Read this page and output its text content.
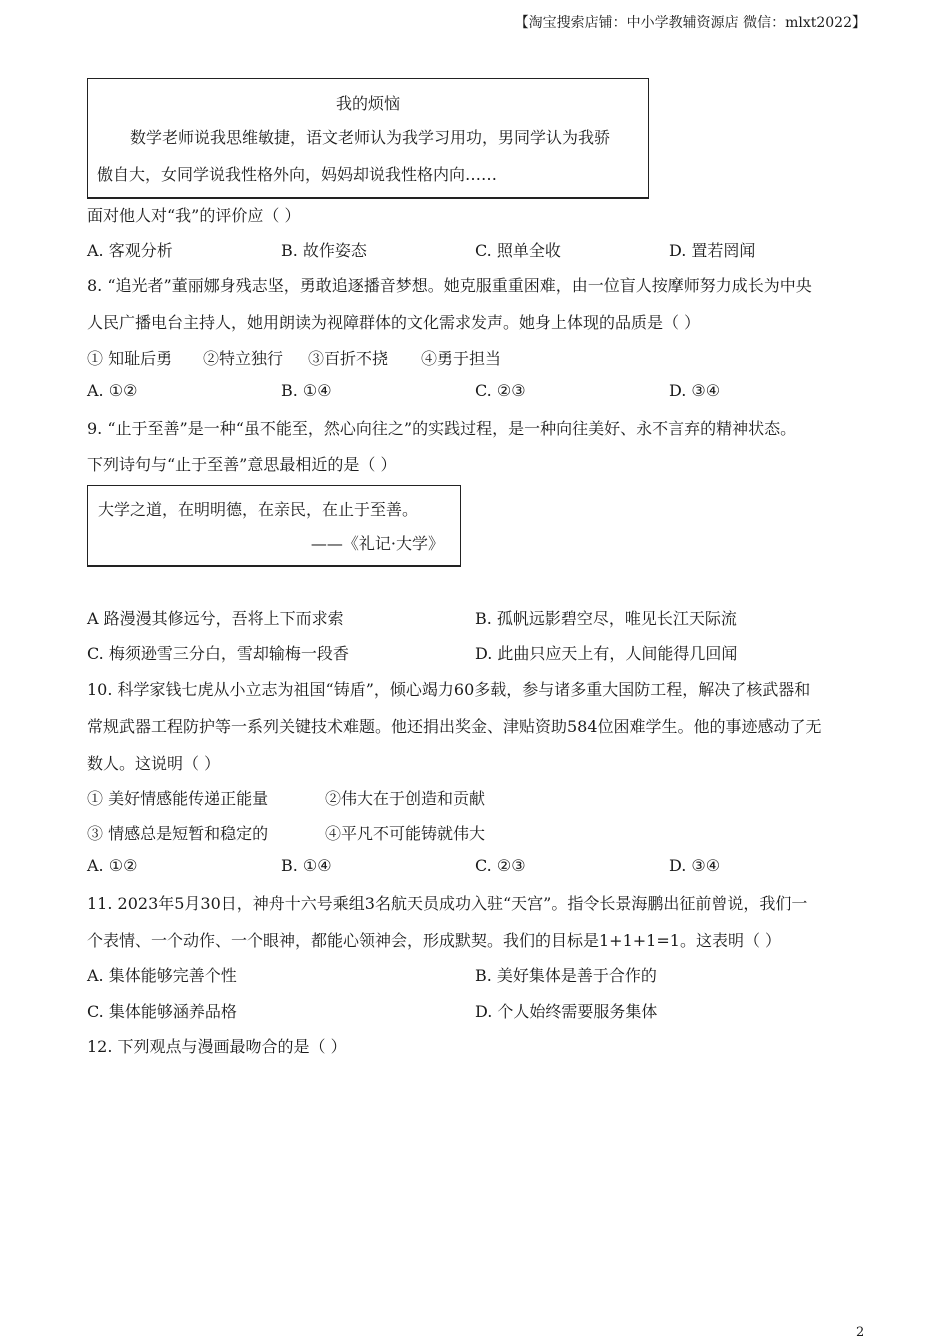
【淘宝搜索店铺：中小学教辅资源店 微信：mlxt2022】
我的烦恼
数学老师说我思维敏捷，语文老师认为我学习用功，男同学认为我骄
傲自大，女同学说我性格外向，妈妈却说我性格内向……
面对他人对“我”的评价应（ ）
A. 客观分析	B. 故作姿态	C. 照单全收	D. 置若罔闻
8. “追光者”董丽娜身残志坚，勇敢追逐播音梦想。她克服重重困难，由一位盲人按摩师努力成长为中央
人民广播电台主持人，她用朗读为视障群体的文化需求发声。她身上体现的品质是（ ）
① 知耻后勇 ②特立独行 ③百折不挠 ④勇于担当
A. ①②	B. ①④	C. ②③	D. ③④
9. “止于至善”是一种“虽不能至，然心向往之”的实践过程，是一种向往美好、永不言弃的精神状态。
下列诗句与“止于至善”意思最相近的是（ ）
大学之道，在明明德，在亲民，在止于至善。
——《礼记·大学》
A 路漫漫其修远兮，吾将上下而求索	B. 孤帆远影碧空尽，唯见长江天际流
C. 梅须逊雪三分白，雪却输梅一段香	D. 此曲只应天上有，人间能得几回闻
10. 科学家钱七虎从小立志为祖国“铸盾”，倾心竭力60多载，参与诸多重大国防工程，解决了核武器和
常规武器工程防护等一系列关键技术难题。他还捐出奖金、津贴资助584位困难学生。他的事迹感动了无
数人。这说明（ ）
① 美好情感能传递正能量	②伟大在于创造和贡献
③ 情感总是短暂和稳定的	④平凡不可能铸就伟大
A. ①②	B. ①④	C. ②③	D. ③④
11. 2023年5月30日，神舟十六号乘组3名航天员成功入驻“天宫”。指令长景海鹏出征前曾说，我们一
个表情、一个动作、一个眼神，都能心领神会，形成默契。我们的目标是1+1+1=1。这表明（ ）
A. 集体能够完善个性	B. 美好集体是善于合作的
C. 集体能够涵养品格	D. 个人始终需要服务集体
12. 下列观点与漫画最吻合的是（ ）
2
